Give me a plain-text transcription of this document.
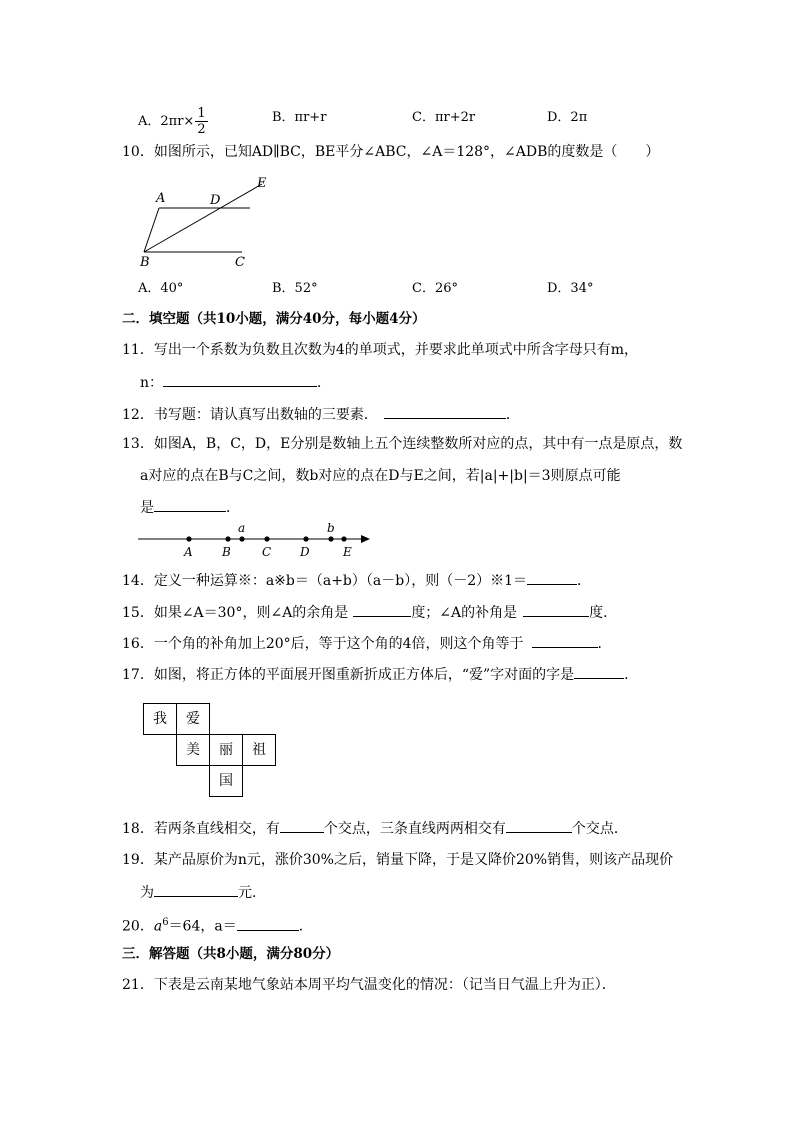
A．$2\pi r\times \frac{1}{2}$	B．πr+r	C．πr+2r	D．2π
10．如图所示，已知AD∥BC，BE平分∠ABC，∠A＝128°，∠ADB的度数是（　　）
A	D
E
B	C
A．40°	B．52°	C．26°	D．34°
二．填空题（共10小题，满分40分，每小题4分）
11．写出一个系数为负数且次数为4的单项式，并要求此单项式中所含字母只有m，
n：	．
12．书写题：请认真写出数轴的三要素．	．
13．如图A，B，C，D，E分别是数轴上五个连续整数所对应的点，其中有一点是原点，数
a对应的点在B与C之间，数b对应的点在D与E之间，若|a|+|b|＝3则原点可能
是	．
A B	C D	E
a	b
14．定义一种运算※：a※b＝（a+b）（a－b），则（－2）※1＝	．
15．如果∠A＝30°，则∠A的余角是	度；∠A的补角是	度．
16．一个角的补角加上20°后，等于这个角的4倍，则这个角等于	．
17．如图，将正方体的平面展开图重新折成正方体后，“爱”字对面的字是	．
我	爱
美	丽	祖
国
18．若两条直线相交，有	个交点，三条直线两两相交有	个交点．
19．某产品原价为n元，涨价30%之后，销量下降，于是又降价20%销售，则该产品现价
为	元．
20．$a^6=64$，a＝	．
三．解答题（共8小题，满分80分）
21．下表是云南某地气象站本周平均气温变化的情况：（记当日气温上升为正）．
